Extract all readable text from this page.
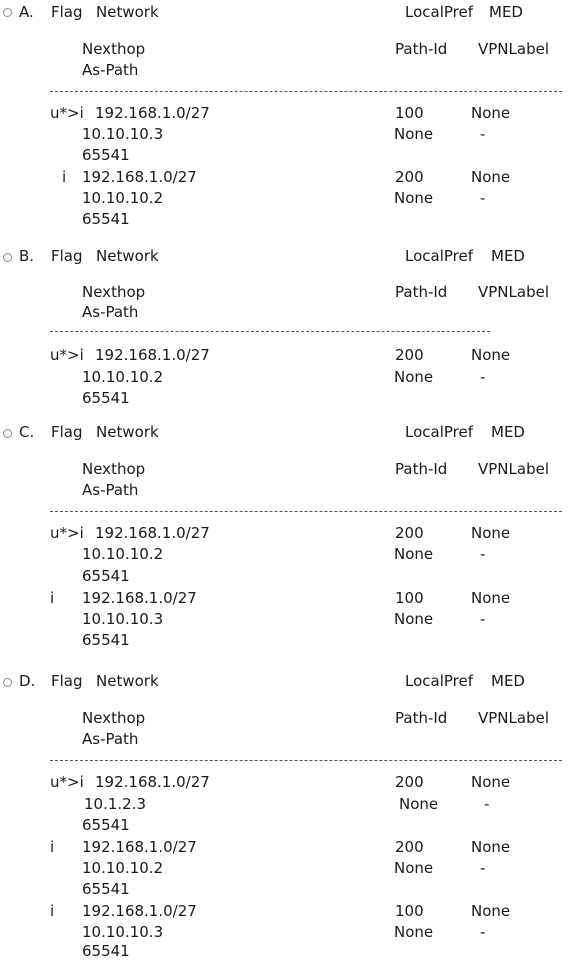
A. Flag Network	LocalPref MED
Nexthop	Path-Id VPNLabel
As-Path
u*>i 192.168.1.0/27	100	None
10.10.10.3	None	-
65541
i 192.168.1.0/27	200	None
10.10.10.2	None	-
65541
B. Flag Network	LocalPref MED
Nexthop	Path-Id VPNLabel
As-Path
u*>i 192.168.1.0/27	200	None
10.10.10.2	None	-
65541
C. Flag Network	LocalPref MED
Nexthop	Path-Id VPNLabel
As-Path
u*>i 192.168.1.0/27	200	None
10.10.10.2	None	-
65541
i 192.168.1.0/27	100	None
10.10.10.3	None	-
65541
D. Flag Network	LocalPref MED
Nexthop	Path-Id VPNLabel
As-Path
u*>i 192.168.1.0/27	200	None
10.1.2.3	None	-
65541
i 192.168.1.0/27	200	None
10.10.10.2	None	-
65541
i 192.168.1.0/27	100	None
10.10.10.3	None	-
65541
